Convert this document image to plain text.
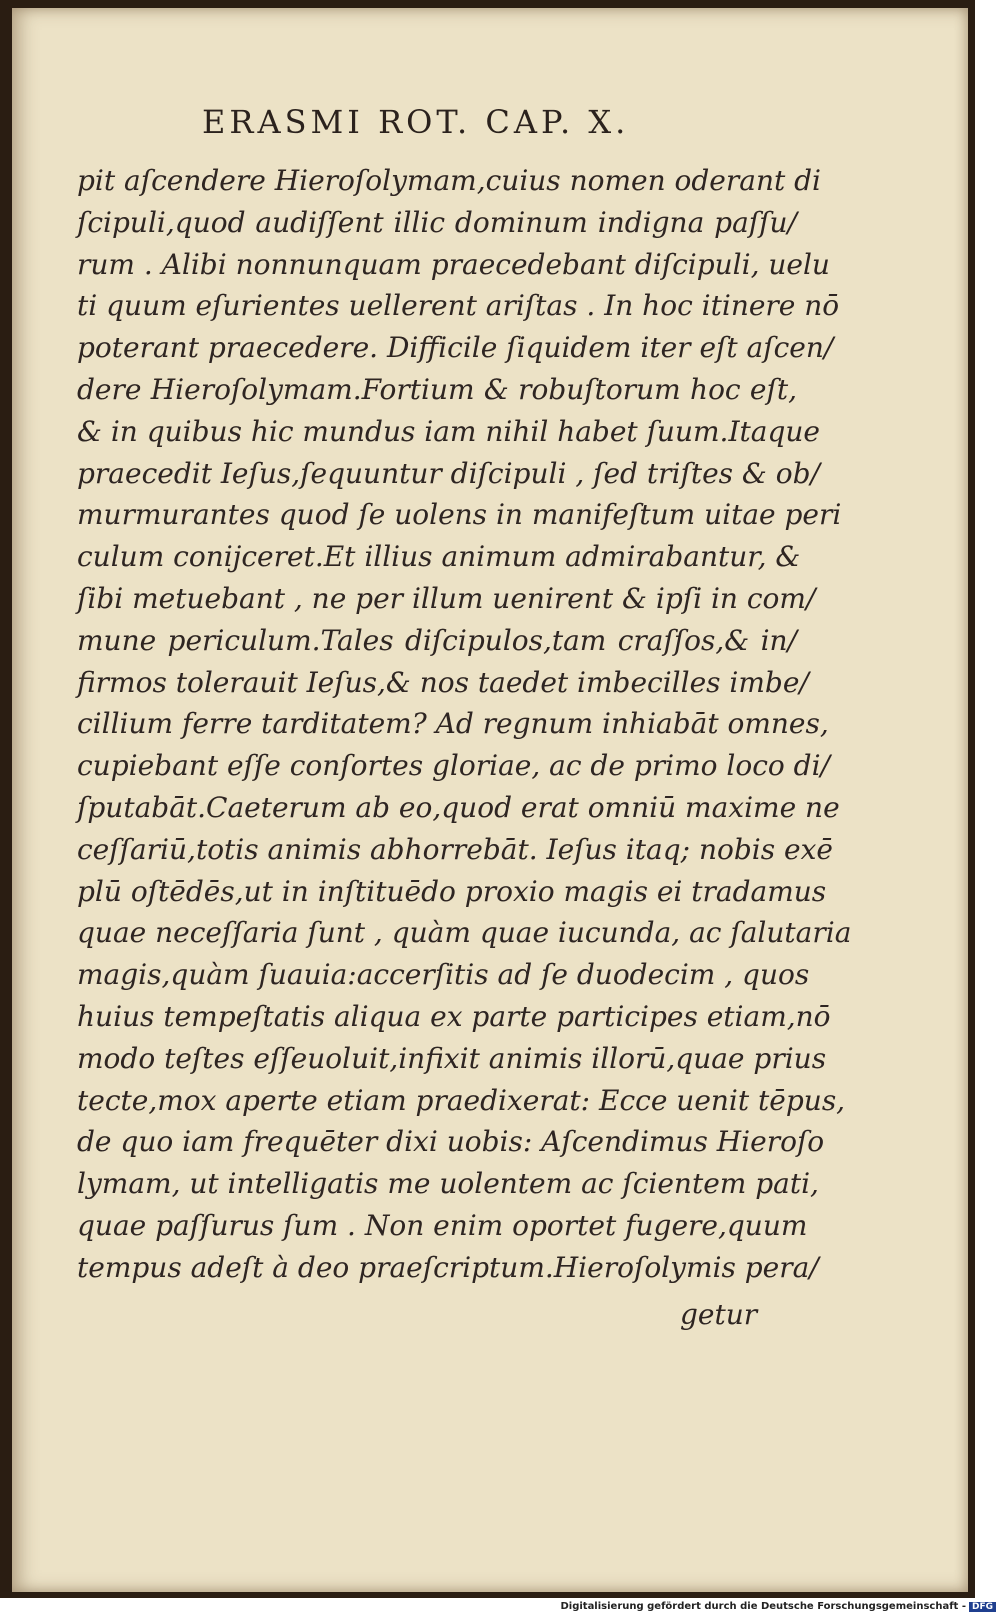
ERASMI ROT. CAP. X.
pit aſcendere Hieroſolymam,cuius nomen oderant di
ſcipuli,quod audiſſent illic dominum indigna paſſu/
rum . Alibi nonnunquam praecedebant diſcipuli, uelu
ti quum eſurientes uellerent ariſtas . In hoc itinere nō
poterant praecedere. Difficile ſiquidem iter eſt aſcen/
dere Hieroſolymam.Fortium & robuſtorum hoc eſt,
& in quibus hic mundus iam nihil habet ſuum.Itaque
praecedit Ieſus,ſequuntur diſcipuli , ſed triſtes & ob/
murmurantes quod ſe uolens in manifeſtum uitae peri
culum conijceret.Et illius animum admirabantur, &
ſibi metuebant , ne per illum uenirent & ipſi in com/
mune periculum.Tales diſcipulos,tam craſſos,& in/
firmos tolerauit Ieſus,& nos taedet imbecilles imbe/
cillium ferre tarditatem? Ad regnum inhiabāt omnes,
cupiebant eſſe conſortes gloriae, ac de primo loco di/
ſputabāt.Caeterum ab eo,quod erat omniū maxime ne
ceſſariū,totis animis abhorrebāt. Ieſus itaq; nobis exē
plū oſtēdēs,ut in inſtituēdo proxio magis ei tradamus
quae neceſſaria ſunt , quàm quae iucunda, ac ſalutaria
magis,quàm ſuauia:accerſitis ad ſe duodecim , quos
huius tempeſtatis aliqua ex parte participes etiam,nō
modo teſtes eſſeuoluit,infixit animis illorū,quae prius
tecte,mox aperte etiam praedixerat: Ecce uenit tēpus,
de quo iam frequēter dixi uobis: Aſcendimus Hieroſo
lymam, ut intelligatis me uolentem ac ſcientem pati,
quae paſſurus ſum . Non enim oportet fugere,quum
tempus adeſt à deo praeſcriptum.Hieroſolymis pera/
getur
Digitalisierung gefördert durch die Deutsche Forschungsgemeinschaft - DFG
